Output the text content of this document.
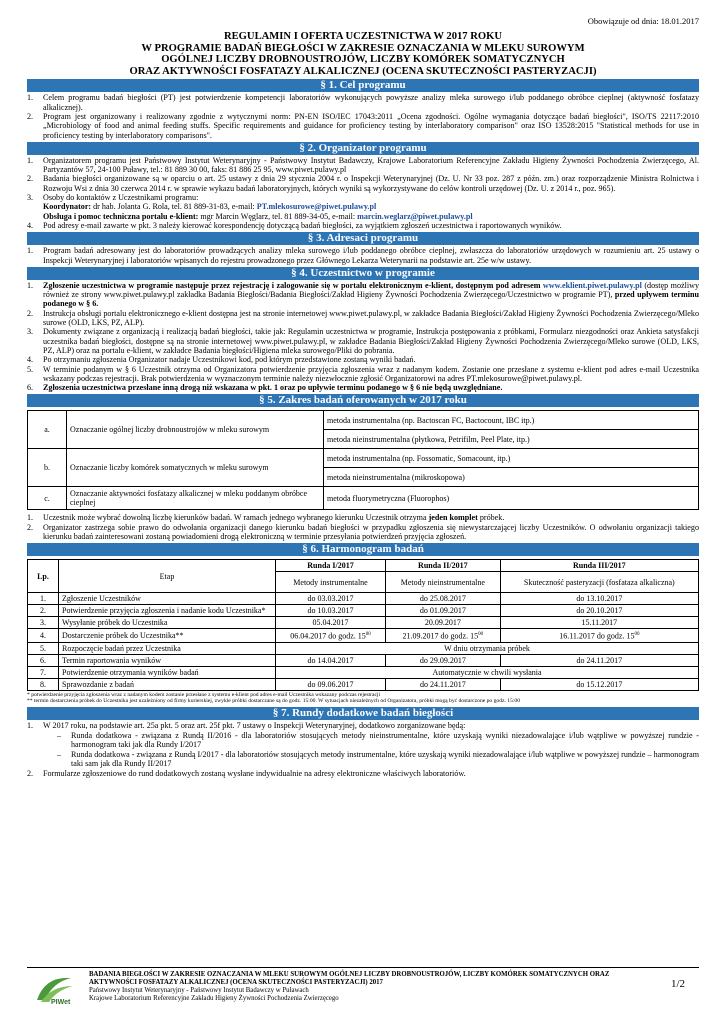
Obowiązuje od dnia: 18.01.2017
REGULAMIN I OFERTA UCZESTNICTWA W 2017 ROKU
W PROGRAMIE BADAŃ BIEGŁOŚCI W ZAKRESIE OZNACZANIA W MLEKU SUROWYM
OGÓLNEJ LICZBY DROBNOUSTROJÓW, LICZBY KOMÓREK SOMATYCZNYCH
ORAZ AKTYWNOŚCI FOSFATAZY ALKALICZNEJ (OCENA SKUTECZNOŚCI PASTERYZACJI)
§ 1. Cel programu
1. Celem programu badań biegłości (PT) jest potwierdzenie kompetencji laboratoriów wykonujących powyższe analizy mleka surowego i/lub poddanego obróbce cieplnej (aktywność fosfatazy alkalicznej).
2. Program jest organizowany i realizowany zgodnie z wytycznymi norm: PN-EN ISO/IEC 17043:2011 „Ocena zgodności. Ogólne wymagania dotyczące badań biegłości", ISO/TS 22117:2010 „Microbiology of food and animal feeding stuffs. Specific requirements and guidance for proficiency testing by interlaboratory comparison" oraz ISO 13528:2015 "Statistical methods for use in proficiency testing by interlaboratory comparisons".
§ 2. Organizator programu
1. Organizatorem programu jest Państwowy Instytut Weterynaryjny - Państwowy Instytut Badawczy, Krajowe Laboratorium Referencyjne Zakładu Higieny Żywności Pochodzenia Zwierzęcego, Al. Partyzantów 57, 24-100 Puławy, tel.: 81 889 30 00, faks: 81 886 25 95, www.piwet.pulawy.pl
2. Badania biegłości organizowane są w oparciu o art. 25 ustawy z dnia 29 stycznia 2004 r. o Inspekcji Weterynaryjnej (Dz. U. Nr 33 poz. 287 z późn. zm.) oraz rozporządzenie Ministra Rolnictwa i Rozwoju Wsi z dnia 30 czerwca 2014 r. w sprawie wykazu badań laboratoryjnych, których wyniki są wykorzystywane do celów kontroli urzędowej (Dz. U. z 2014 r., poz. 965).
3. Osoby do kontaktów z Uczestnikami programu:
Koordynator: dr hab. Jolanta G. Rola, tel. 81 889-31-83, e-mail: PT.mlekosurowe@piwet.pulawy.pl
Obsługa i pomoc techniczna portalu e-klient: mgr Marcin Węglarz, tel. 81 889-34-05, e-mail: marcin.weglarz@piwet.pulawy.pl
4. Pod adresy e-mail zawarte w pkt. 3 należy kierować korespondencję dotyczącą badań biegłości, za wyjątkiem zgłoszeń uczestnictwa i raportowanych wyników.
§ 3. Adresaci programu
1. Program badań adresowany jest do laboratoriów prowadzących analizy mleka surowego i/lub poddanego obróbce cieplnej, zwłaszcza do laboratoriów urzędowych w rozumieniu art. 25 ustawy o Inspekcji Weterynaryjnej i laboratoriów wpisanych do rejestru prowadzonego przez Głównego Lekarza Weterynarii na podstawie art. 25e w/w ustawy.
§ 4. Uczestnictwo w programie
1. Zgłoszenie uczestnictwa w programie następuje przez rejestrację i zalogowanie się w portalu elektronicznym e-klient, dostępnym pod adresem www.eklient.piwet.pulawy.pl (dostęp możliwy również ze strony www.piwet.pulawy.pl zakładka Badania Biegłości/Badania Biegłości/Zakład Higieny Żywności Pochodzenia Zwierzęcego/Uczestnictwo w programie PT), przed upływem terminu podanego w § 6.
2. Instrukcja obsługi portalu elektronicznego e-klient dostępna jest na stronie internetowej www.piwet.pulawy.pl, w zakładce Badania Biegłości/Zakład Higieny Żywności Pochodzenia Zwierzęcego/Mleko surowe (OLD, LKS, PZ, ALP).
3. Dokumenty związane z organizacją i realizacją badań biegłości, takie jak: Regulamin uczestnictwa w programie, Instrukcja postępowania z próbkami, Formularz niezgodności oraz Ankieta satysfakcji uczestnika badań biegłości, dostępne są na stronie internetowej www.piwet.pulawy.pl, w zakładce Badania Biegłości/Zakład Higieny Żywności Pochodzenia Zwierzęcego/Mleko surowe (OLD, LKS, PZ, ALP) oraz na portalu e-klient, w zakładce Badania biegłości/Higiena mleka surowego/Pliki do pobrania.
4. Po otrzymaniu zgłoszenia Organizator nadaje Uczestnikowi kod, pod którym przedstawione zostaną wyniki badań.
5. W terminie podanym w § 6 Uczestnik otrzyma od Organizatora potwierdzenie przyjęcia zgłoszenia wraz z nadanym kodem. Zostanie one przesłane z systemu e-klient pod adres e-mail Uczestnika wskazany podczas rejestracji. Brak potwierdzenia w wyznaczonym terminie należy niezwłocznie zgłosić Organizatorowi na adres PT.mlekosurowe@piwet.pulawy.pl.
6. Zgłoszenia uczestnictwa przesłane inną drogą niż wskazana w pkt. 1 oraz po upływie terminu podanego w § 6 nie będą uwzględniane.
§ 5. Zakres badań oferowanych w 2017 roku
a.	Oznaczanie ogólnej liczby drobnoustrojów w mleku surowym	metoda instrumentalna (np. Bactoscan FC, Bactocount, IBC itp.)
		metoda nieinstrumentalna (płytkowa, Petrifilm, Peel Plate, itp.)
b.	Oznaczanie liczby komórek somatycznych w mleku surowym	metoda instrumentalna (np. Fossomatic, Somacount, itp.)
		metoda nieinstrumentalna (mikroskopowa)
c.	Oznaczanie aktywności fosfatazy alkalicznej w mleku poddanym obróbce cieplnej	metoda fluorymetryczna (Fluorophos)
1. Uczestnik może wybrać dowolną liczbę kierunków badań. W ramach jednego wybranego kierunku Uczestnik otrzyma jeden komplet próbek.
2. Organizator zastrzega sobie prawo do odwołania organizacji danego kierunku badań biegłości w przypadku zgłoszenia się niewystarczającej liczby Uczestników. O odwołaniu organizacji takiego kierunku badań zainteresowani zostaną powiadomieni drogą elektroniczną w terminie przesyłania potwierdzeń przyjęcia zgłoszeń.
§ 6. Harmonogram badań
Lp.	Etap	Runda I/2017	Runda II/2017	Runda III/2017
		Metody instrumentalne	Metody nieinstrumentalne	Skuteczność pasteryzacji (fosfataza alkaliczna)
1.	Zgłoszenie Uczestników	do 03.03.2017	do 25.08.2017	do 13.10.2017
2.	Potwierdzenie przyjęcia zgłoszenia i nadanie kodu Uczestnika*	do 10.03.2017	do 01.09.2017	do 20.10.2017
3.	Wysyłanie próbek do Uczestnika	05.04.2017	20.09.2017	15.11.2017
4.	Dostarczenie próbek do Uczestnika**	06.04.2017 do godz. $15^{00}$	21.09.2017 do godz. $15^{00}$	16.11.2017 do godz. $15^{00}$
5.	Rozpoczęcie badań przez Uczestnika	W dniu otrzymania próbek		
6.	Termin raportowania wyników	do 14.04.2017	do 29.09.2017	do 24.11.2017
7.	Potwierdzenie otrzymania wyników badań	Automatycznie w chwili wysłania		
8.	Sprawozdanie z badań	do 09.06.2017	do 24.11.2017	do 15.12.2017
* potwierdzenie przyjęcia zgłoszenia wraz z nadanym kodem zostanie przesłane z systemu e-klient pod adres e-mail Uczestnika wskazany podczas rejestracji
** termin dostarczenia próbek do Uczestnika jest uzależniony od firmy kurierskiej, zwykle próbki dostarczane są do godz. 15:00. W sytuacjach niezależnych od Organizatora, próbki mogą być dostarczone po godz. 15:00
§ 7. Rundy dodatkowe badań biegłości
1. W 2017 roku, na podstawie art. 25a pkt. 5 oraz art. 25f pkt. 7 ustawy o Inspekcji Weterynaryjnej, dodatkowo zorganizowane będą:
– Runda dodatkowa - związana z Rundą II/2016 - dla laboratoriów stosujących metody nieinstrumentalne, które uzyskają wyniki niezadowalające i/lub wątpliwe w powyższej rundzie - harmonogram taki jak dla Rundy I/2017
– Runda dodatkowa - związana z Rundą I/2017 - dla laboratoriów stosujących metody instrumentalne, które uzyskają wyniki niezadowalające i/lub wątpliwe w powyższej rundzie – harmonogram taki sam jak dla Rundy II/2017
2. Formularze zgłoszeniowe do rund dodatkowych zostaną wysłane indywidualnie na adresy elektroniczne właściwych laboratoriów.
PIWet
BADANIA BIEGŁOŚCI W ZAKRESIE OZNACZANIA W MLEKU SUROWYM OGÓLNEJ LICZBY DROBNOUSTROJÓW, LICZBY KOMÓREK SOMATYCZNYCH ORAZ AKTYWNOŚCI FOSFATAZY ALKALICZNEJ (OCENA SKUTECZNOŚCI PASTERYZACJI) 2017
Państwowy Instytut Weterynaryjny - Państwowy Instytut Badawczy w Puławach
Krajowe Laboratorium Referencyjne Zakładu Higieny Żywności Pochodzenia Zwierzęcego
1/2
